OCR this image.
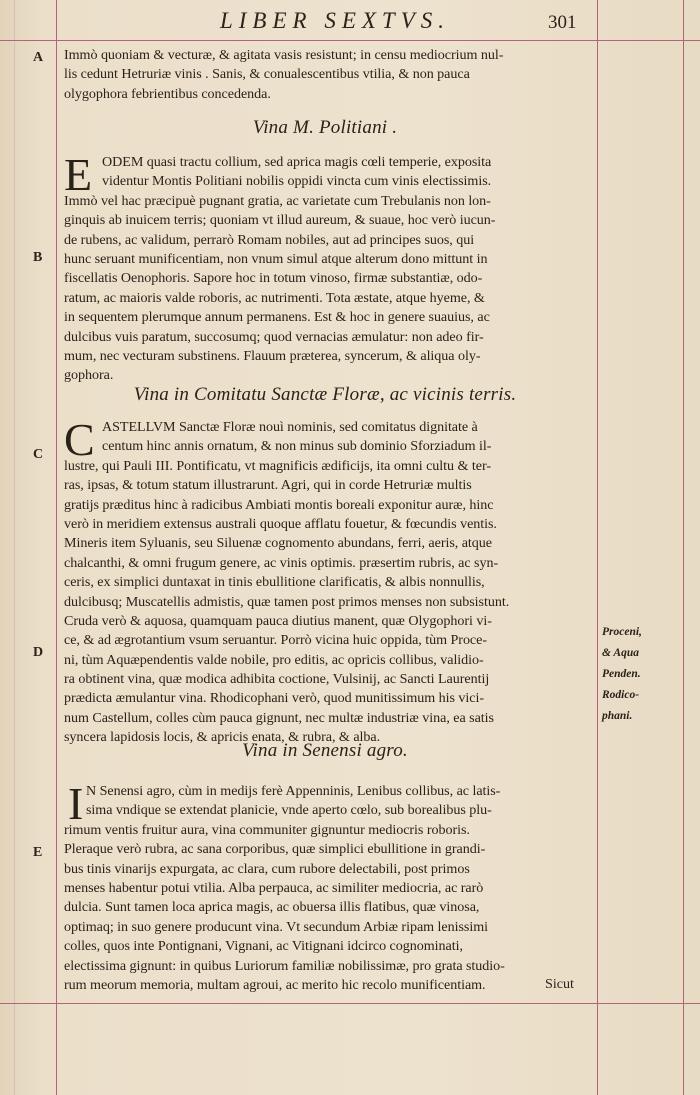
LIBER SEXTVS.	301
A
B
C
D
E
Immò quoniam & vecturæ, & agitata vasis resistunt; in censu mediocrium nul-
lis cedunt Hetruriæ vinis . Sanis, & conualescentibus vtilia, & non pauca
olygophora febrientibus concedenda.
Vina M. Politiani .
E ODEM quasi tractu collium, sed aprica magis cœli temperie, exposita
videntur Montis Politiani nobilis oppidi vincta cum vinis electissimis.
Immò vel hac præcipuè pugnant gratia, ac varietate cum Trebulanis non lon-
ginquis ab inuicem terris; quoniam vt illud aureum, & suaue, hoc verò iucun-
de rubens, ac validum, perrarò Romam nobiles, aut ad principes suos, qui
hunc seruant munificentiam, non vnum simul atque alterum dono mittunt in
fiscellatis Oenophoris. Sapore hoc in totum vinoso, firmæ substantiæ, odo-
ratum, ac maioris valde roboris, ac nutrimenti. Tota æstate, atque hyeme, &
in sequentem plerumque annum permanens. Est & hoc in genere suauius, ac
dulcibus vuis paratum, succosumq; quod vernacias æmulatur: non adeo fir-
mum, nec vecturam substinens. Flauum præterea, syncerum, & aliqua oly-
gophora.
Vina in Comitatu Sanctæ Floræ, ac vicinis terris.
C ASTELLVM Sanctæ Floræ nouì nominis, sed comitatus dignitate à
centum hinc annis ornatum, & non minus sub dominio Sforziadum il-
lustre, qui Pauli III. Pontificatu, vt magnificis ædificijs, ita omni cultu & ter-
ras, ipsas, & totum statum illustrarunt. Agri, qui in corde Hetruriæ multis
gratijs præditus hinc à radicibus Ambiati montis boreali exponitur auræ, hinc
verò in meridiem extensus australi quoque afflatu fouetur, & fœcundis ventis.
Mineris item Syluanis, seu Siluenæ cognomento abundans, ferri, aeris, atque
chalcanthi, & omni frugum genere, ac vinis optimis. præsertim rubris, ac syn-
ceris, ex simplici duntaxat in tinis ebullitione clarificatis, & albis nonnullis,
dulcibusq; Muscatellis admistis, quæ tamen post primos menses non subsistunt.
Cruda verò & aquosa, quamquam pauca diutius manent, quæ Olygophori vi-
ce, & ad ægrotantium vsum seruantur. Porrò vicina huic oppida, tùm Proce-
ni, tùm Aquæpendentis valde nobile, pro editis, ac opricis collibus, validio-
ra obtinent vina, quæ modica adhibita coctione, Vulsinij, ac Sancti Laurentij
prædicta æmulantur vina. Rhodicophani verò, quod munitissimum his vici-
num Castellum, colles cùm pauca gignunt, nec multæ industriæ vina, ea satis
syncera lapidosis locis, & apricis enata, & rubra, & alba.
Proceni,
& Aqua
Penden.
Rodico-
phani.
Vina in Senensi agro.
I N Senensi agro, cùm in medijs ferè Appenninis, Lenibus collibus, ac latis-
sima vndique se extendat planicie, vnde aperto cœlo, sub borealibus plu-
rimum ventis fruitur aura, vina communiter gignuntur mediocris roboris.
Pleraque verò rubra, ac sana corporibus, quæ simplici ebullitione in grandi-
bus tinis vinarijs expurgata, ac clara, cum rubore delectabili, post primos
menses habentur potui vtilia. Alba perpauca, ac similiter mediocria, ac rarò
dulcia. Sunt tamen loca aprica magis, ac obuersa illis flatibus, quæ vinosa,
optimaq; in suo genere producunt vina. Vt secundum Arbiæ ripam lenissimi
colles, quos inte Pontignani, Vignani, ac Vitignani idcirco cognominati,
electissima gignunt: in quibus Luriorum familiæ nobilissimæ, pro grata studio-
rum meorum memoria, multam agroui, ac merito hic recolo munificentiam.	Sicut
